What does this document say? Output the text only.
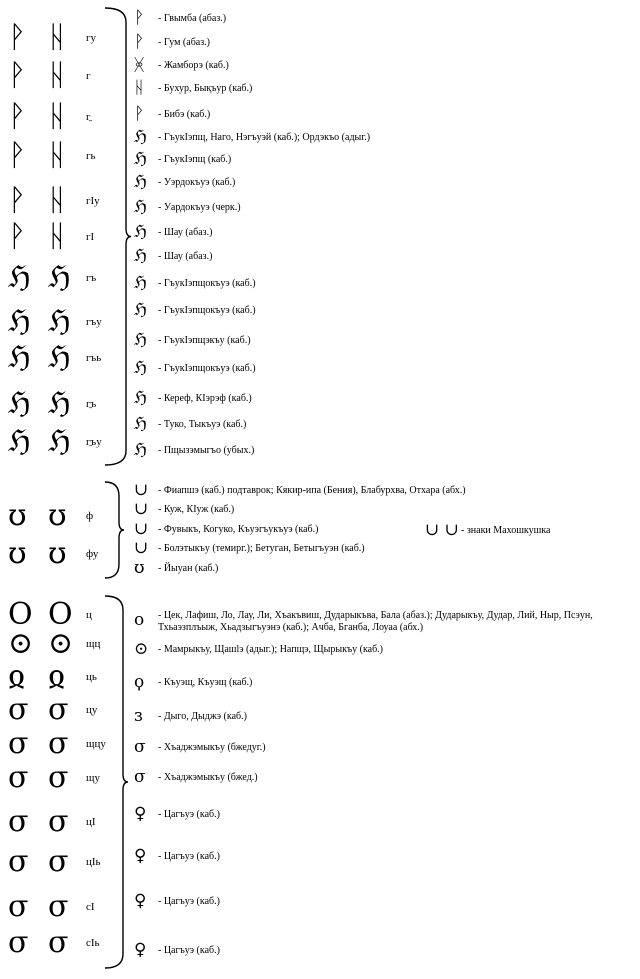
ᚹ ᚺ гу
ᚹ ᚺ г
ᚹ ᚺ г̱
ᚹ ᚺ гь
ᚹ ᚺ гӀу
ᚹ ᚺ гӀ
ℌ ℌ гъ
ℌ ℌ гъу
ℌ ℌ гъь
ℌ ℌ г̱ъ
ℌ ℌ г̱ъу
ᚹ - Гвымба (абаз.)
ᚹ - Гум (абаз.)
ᚸ - Жамборэ (каб.)
ᚺ - Бухур, Бықъур (каб.)
ᚹ - Бибэ (каб.)
ℌ - ГъукӀэпщ, Наго, Нэгъуэй (каб.); Ордэкъо (адыг.)
ℌ - ГъукӀэпщ (каб.)
ℌ - Уэрдокъуэ (каб.)
ℌ - Уардокъуэ (черк.)
ℌ - Шау (абаз.)
ℌ - Шау (абаз.)
ℌ - ГъукӀэпщокъуэ (каб.)
ℌ - ГъукӀэпщокъуэ (каб.)
ℌ - ГъукӀэпщэкъу (каб.)
ℌ - ГъукӀэпщокъуэ (каб.)
ℌ - Кереф, КӀэрэф (каб.)
ℌ - Туко, Тыкъуэ (каб.)
ℌ - Пщызэмыгъо (убых.)
ʊ ʊ ф
ʊ ʊ фу
∪ - Фиапшэ (каб.) подтаврок; Кякир-ипа (Бения), Блабурхва, Отхара (абх.)
∪ - Куж, КӀуж (каб.)
∪ - Фувыкъ, Когуко, Къуэгъукъуэ (каб.)
∪ - Болэтыкъу (темирг.); Бетуган, Бетыгъуэн (каб.)
ʊ - Йыуан (каб.)
∪ ∪ - знаки Махошкушка
O O ц
⊙ ⊙ щц
ჲ ჲ ць
σ σ цу
σ σ щцу
σ σ щу
σ σ цӀ
σ σ цӀь
σ σ сӀ
σ σ сӀь
o - Цек, Лафиш, Ло, Лау, Ли, Хъакъвиш, Дударыкъва, Бала (абаз.); Дударыкъу, Дудар, Лий, Ныр, Псэун, Тхьаэзплъыж, Хьадзыгъуэнэ (каб.); Ачба, Бганба, Лоуаа (абх.)
⊙ - Мамрыкъу, Щашlэ (адыг.); Напщэ, Щырыкъу (каб.)
ϙ - Къуэщ, Къуэщ (каб.)
ɜ - Дыго, Дыджэ (каб.)
σ - Хъаджэмыкъу (бжедуг.)
σ - Хъаджэмыкъу (бжед.)
♀ - Цагъуэ (каб.)
♀ - Цагъуэ (каб.)
♀ - Цагъуэ (каб.)
♀ - Цагъуэ (каб.)
